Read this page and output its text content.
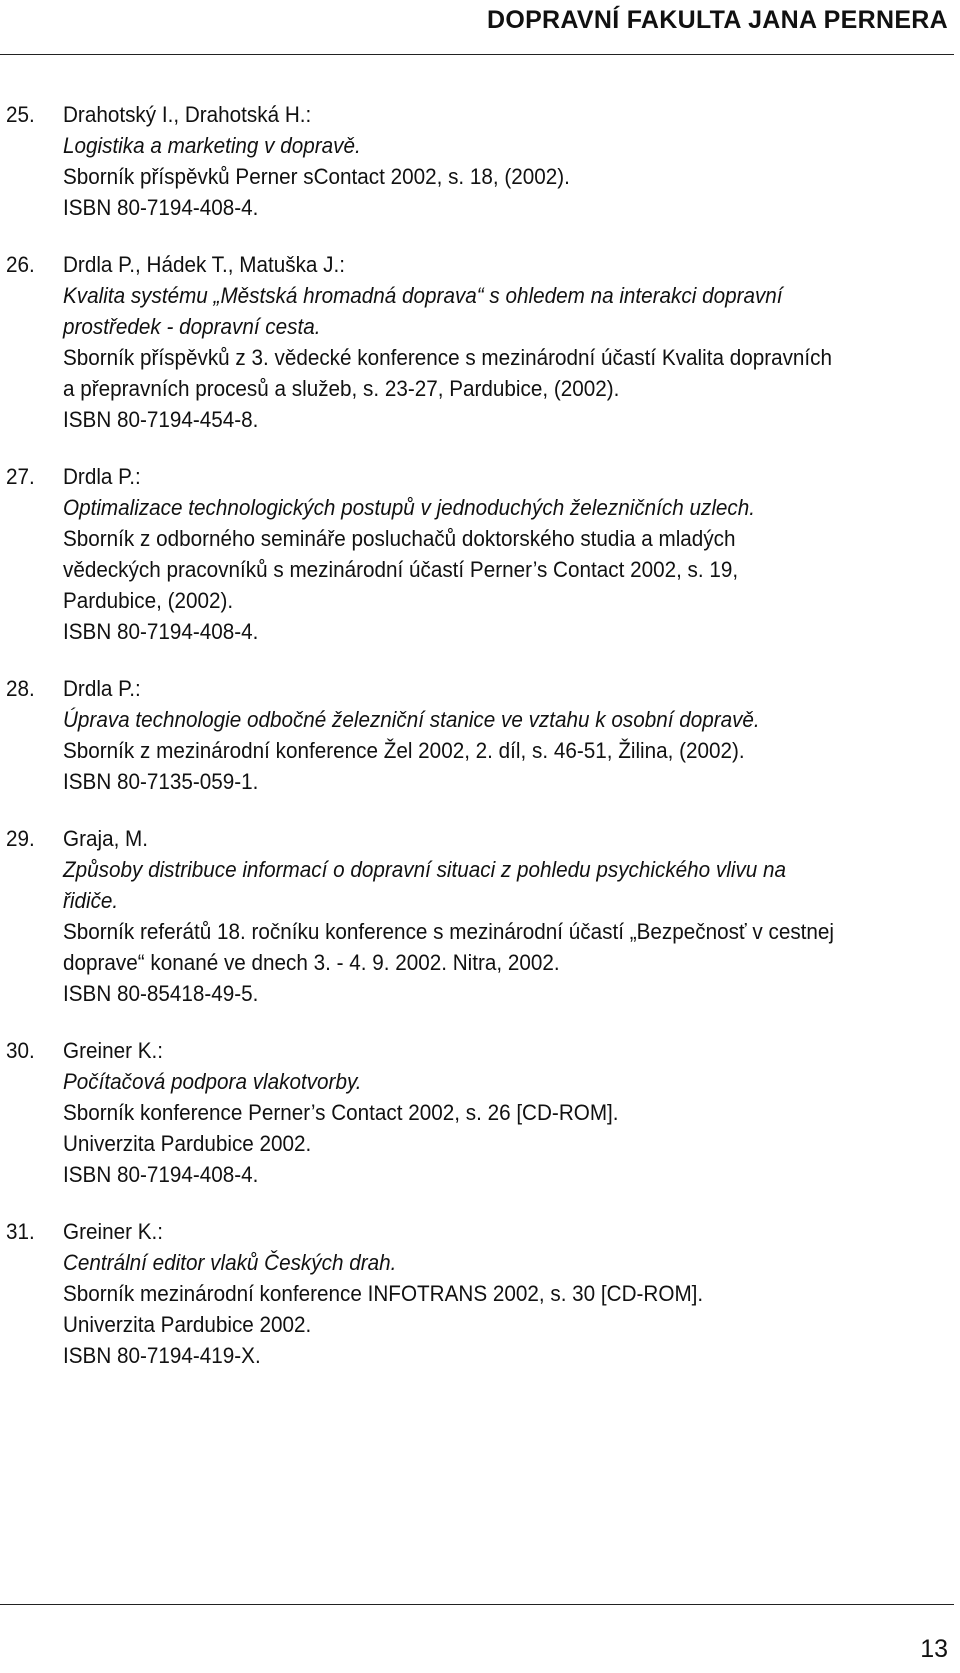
DOPRAVNÍ FAKULTA JANA PERNERA
25. Drahotský I., Drahotská H.:
Logistika a marketing v dopravě.
Sborník příspěvků Perner sContact 2002, s. 18, (2002).
ISBN 80-7194-408-4.
26. Drdla P., Hádek T., Matuška J.:
Kvalita systému „Městská hromadná doprava“ s ohledem na interakci dopravní
prostředek - dopravní cesta.
Sborník příspěvků z 3. vědecké konference s mezinárodní účastí Kvalita dopravních
a přepravních procesů a služeb, s. 23-27, Pardubice, (2002).
ISBN 80-7194-454-8.
27. Drdla P.:
Optimalizace technologických postupů v jednoduchých železničních uzlech.
Sborník z odborného semináře posluchačů doktorského studia a mladých
vědeckých pracovníků s mezinárodní účastí Perner’s Contact 2002, s. 19,
Pardubice, (2002).
ISBN 80-7194-408-4.
28. Drdla P.:
Úprava technologie odbočné železniční stanice ve vztahu k osobní dopravě.
Sborník z mezinárodní konference Žel 2002, 2. díl, s. 46-51, Žilina, (2002).
ISBN 80-7135-059-1.
29. Graja, M.
Způsoby distribuce informací o dopravní situaci z pohledu psychického vlivu na
řidiče.
Sborník referátů 18. ročníku konference s mezinárodní účastí „Bezpečnosť v cestnej
doprave“ konané ve dnech 3. - 4. 9. 2002. Nitra, 2002.
ISBN 80-85418-49-5.
30. Greiner K.:
Počítačová podpora vlakotvorby.
Sborník konference Perner’s Contact 2002, s. 26 [CD-ROM].
Univerzita Pardubice 2002.
ISBN 80-7194-408-4.
31. Greiner K.:
Centrální editor vlaků Českých drah.
Sborník mezinárodní konference INFOTRANS 2002, s. 30 [CD-ROM].
Univerzita Pardubice 2002.
ISBN 80-7194-419-X.
13
